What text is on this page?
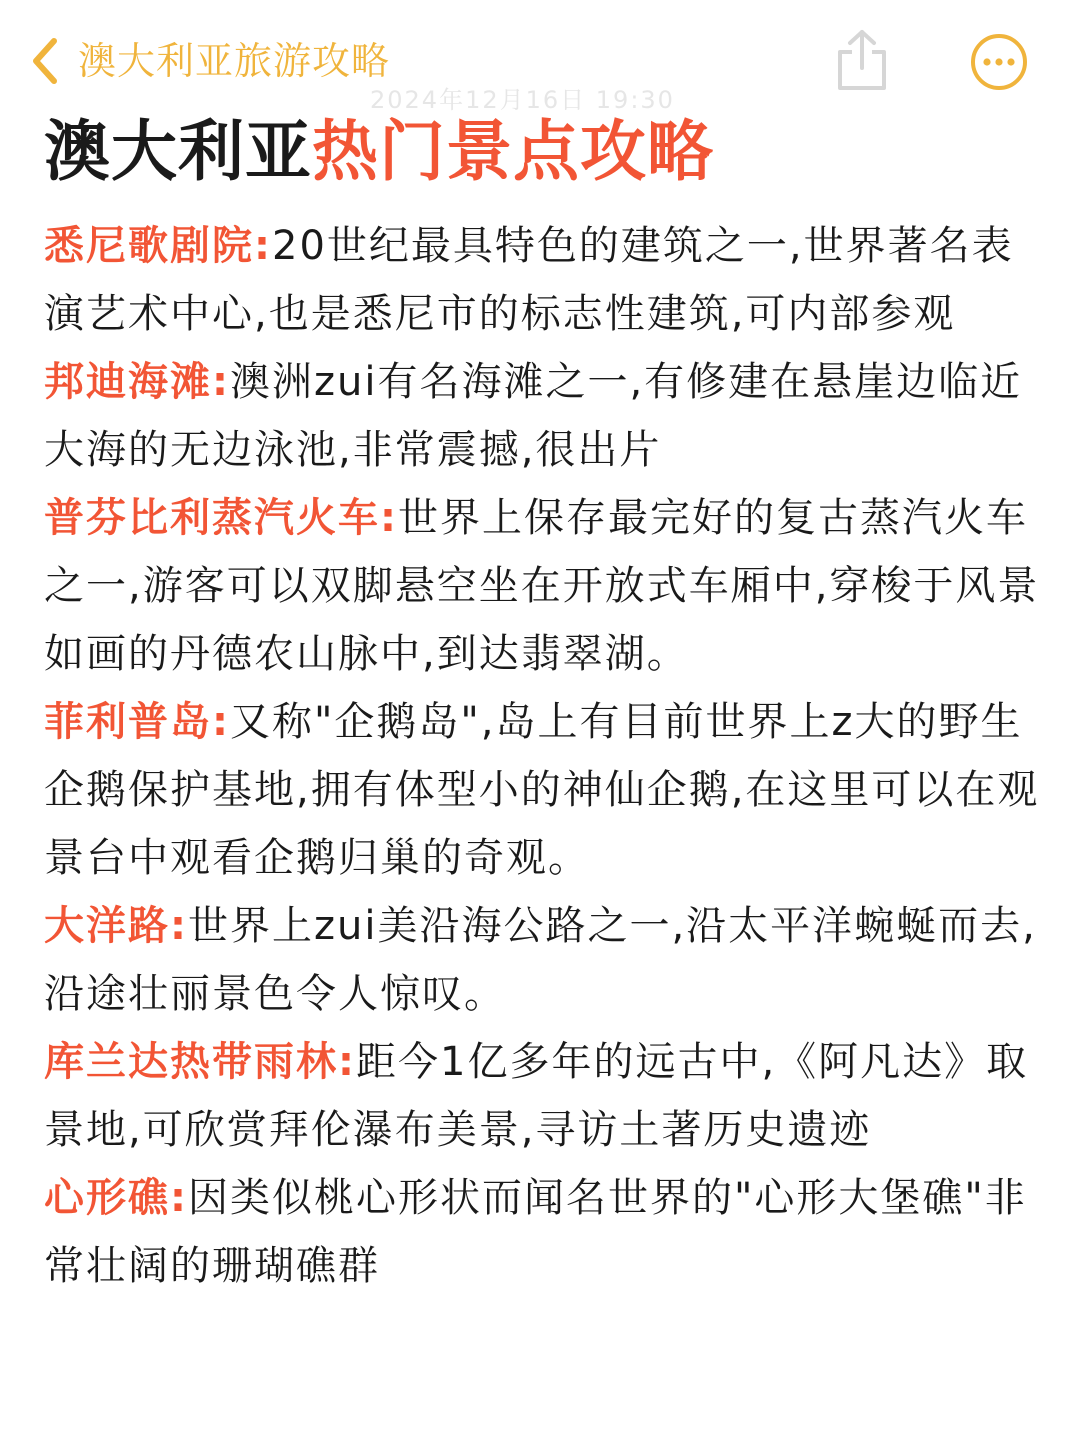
澳大利亚旅游攻略
2024年12月16日 19:30
澳大利亚热门景点攻略

悉尼歌剧院:20世纪最具特色的建筑之一,世界著名表演艺术中心,也是悉尼市的标志性建筑,可内部参观

邦迪海滩:澳洲zui有名海滩之一,有修建在悬崖边临近大海的无边泳池,非常震撼,很出片

普芬比利蒸汽火车:世界上保存最完好的复古蒸汽火车之一,游客可以双脚悬空坐在开放式车厢中,穿梭于风景如画的丹德农山脉中,到达翡翠湖。

菲利普岛:又称"企鹅岛",岛上有目前世界上z大的野生企鹅保护基地,拥有体型小的神仙企鹅,在这里可以在观景台中观看企鹅归巢的奇观。

大洋路:世界上zui美沿海公路之一,沿太平洋蜿蜒而去,沿途壮丽景色令人惊叹。

库兰达热带雨林:距今1亿多年的远古中,《阿凡达》取景地,可欣赏拜伦瀑布美景,寻访土著历史遗迹

心形礁:因类似桃心形状而闻名世界的"心形大堡礁"非常壮阔的珊瑚礁群
